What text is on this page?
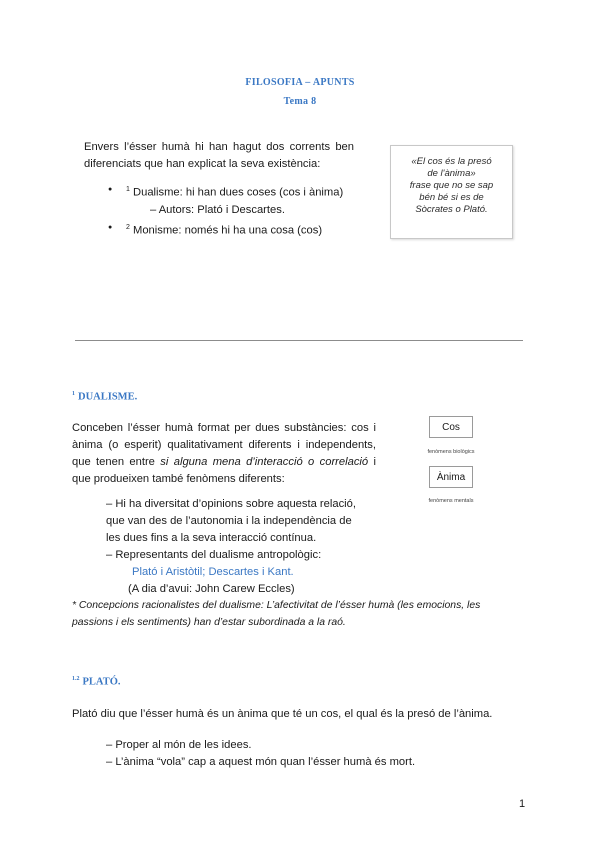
FILOSOFIA – APUNTS
Tema 8
Envers l’ésser humà hi han hagut dos corrents ben diferenciats que han explicat la seva existència:
● $^1$ Dualisme: hi han dues coses (cos i ànima)
– Autors: Plató i Descartes.
● $^2$ Monisme: només hi ha una cosa (cos)
«El cos és la presó
de l'ànima»
frase que no se sap
bén bé si es de
Sòcrates o Plató.
$^1$ DUALISME.
Conceben l’ésser humà format per dues substàncies: cos i ànima (o esperit) qualitativament diferents i independents, que tenen entre si alguna mena d’interacció o correlació i que produeixen també fenòmens diferents:
Cos
fenòmens biològics
Ànima
fenòmens mentals
– Hi ha diversitat d’opinions sobre aquesta relació,
que van des de l’autonomia i la independència de
les dues fins a la seva interacció contínua.
– Representants del dualisme antropològic:
Plató i Aristòtil; Descartes i Kant.
(A dia d’avui: John Carew Eccles)
* Concepcions racionalistes del dualisme: L’afectivitat de l’ésser humà (les emocions, les passions i els sentiments) han d’estar subordinada a la raó.
$^{1.2}$ PLATÓ.
Plató diu que l’ésser humà és un ànima que té un cos, el qual és la presó de l’ànima.
– Proper al món de les idees.
– L’ànima “vola” cap a aquest món quan l’ésser humà és mort.
1
